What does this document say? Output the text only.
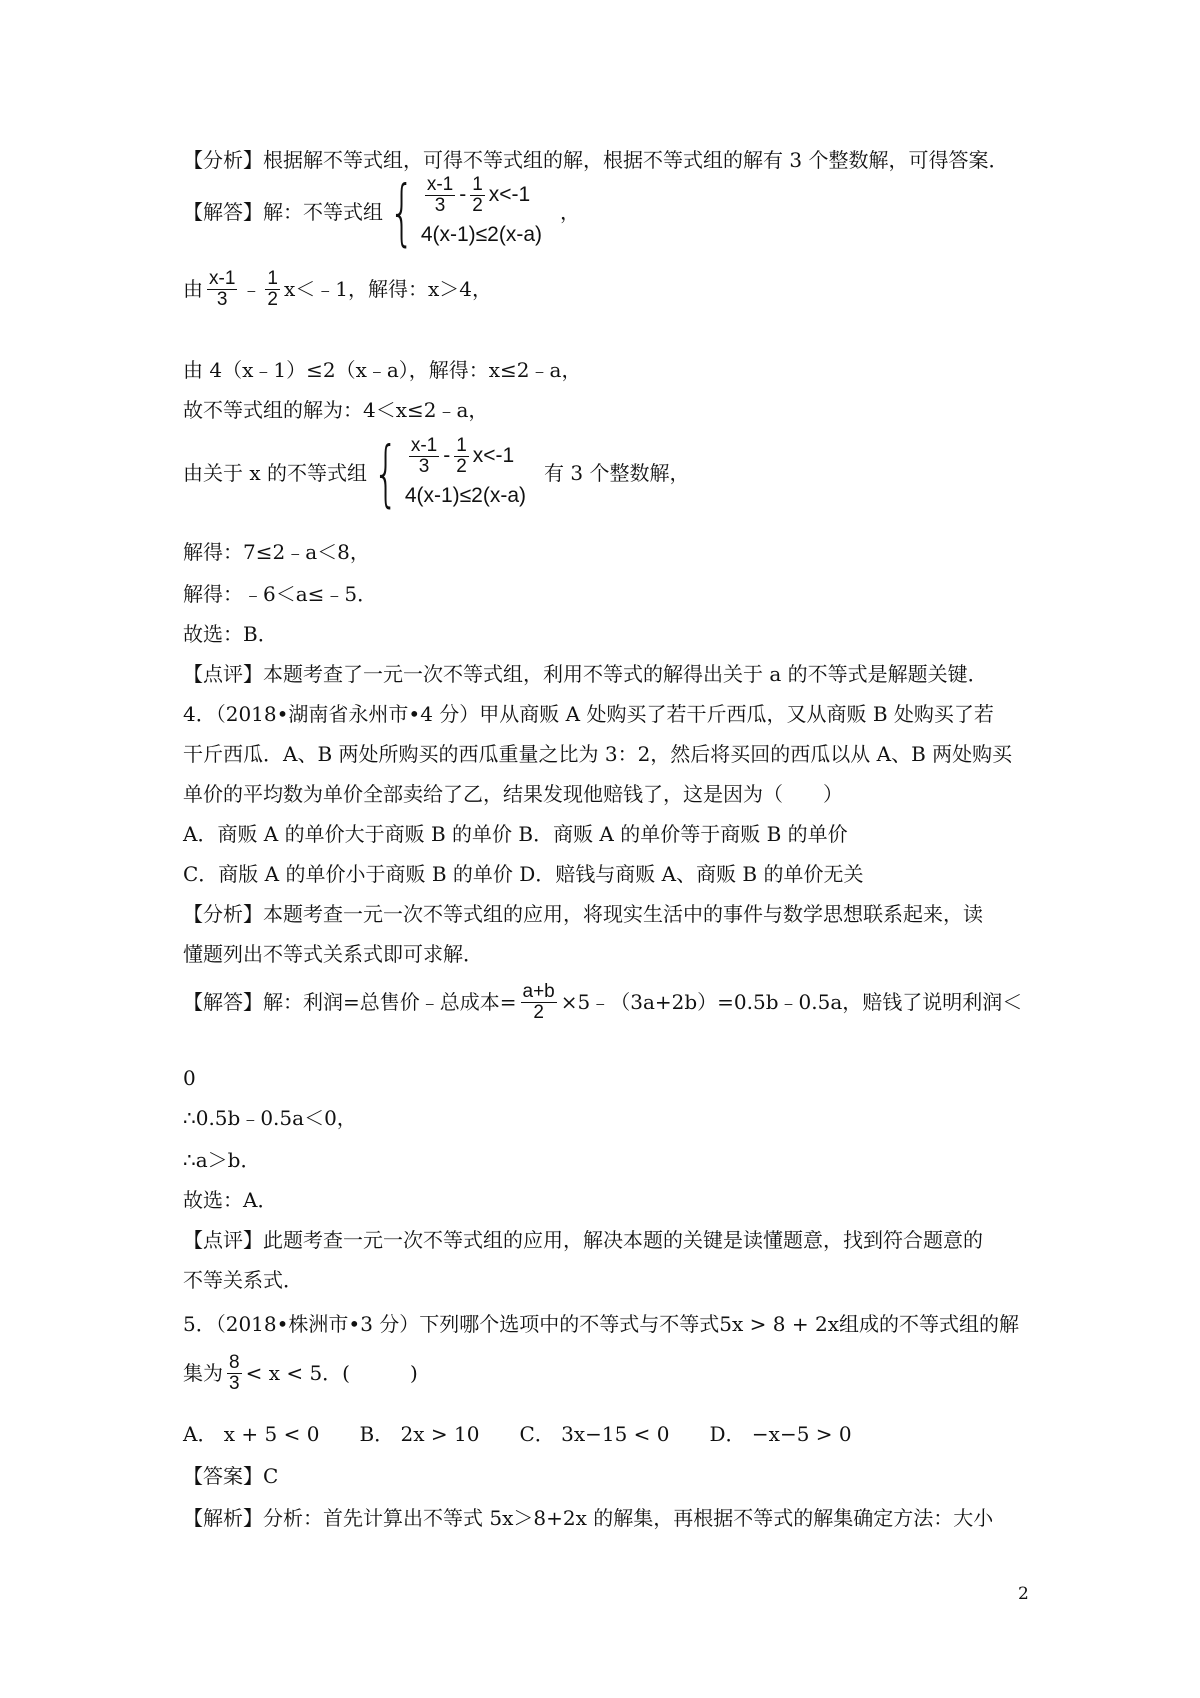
【分析】根据解不等式组，可得不等式组的解，根据不等式组的解有 3 个整数解，可得答案．
【解答】解：不等式组 { $\frac{x-1}{3} - \frac{1}{2} x<-1$
4(x-1)≤2(x-a)
，
由 $\frac{x-1}{3}$ ﹣ $\frac{1}{2}$ x＜﹣1，解得：x＞4，
由 4（x﹣1）≤2（x﹣a），解得：x≤2﹣a，
故不等式组的解为：4＜x≤2﹣a，
由关于 x 的不等式组 { $\frac{x-1}{3} - \frac{1}{2} x<-1$
4(x-1)≤2(x-a)
有 3 个整数解，
解得：7≤2﹣a＜8，
解得：﹣6＜a≤﹣5．
故选：B．
【点评】本题考查了一元一次不等式组，利用不等式的解得出关于 a 的不等式是解题关键．
4．（2018•湖南省永州市•4 分）甲从商贩 A 处购买了若干斤西瓜，又从商贩 B 处购买了若
干斤西瓜．A、B 两处所购买的西瓜重量之比为 3：2，然后将买回的西瓜以从 A、B 两处购买
单价的平均数为单价全部卖给了乙，结果发现他赔钱了，这是因为（　　）
A．商贩 A 的单价大于商贩 B 的单价 B．商贩 A 的单价等于商贩 B 的单价
C．商版 A 的单价小于商贩 B 的单价 D．赔钱与商贩 A、商贩 B 的单价无关
【分析】本题考查一元一次不等式组的应用，将现实生活中的事件与数学思想联系起来，读
懂题列出不等式关系式即可求解．
【解答】解：利润=总售价﹣总成本= $\frac{a+b}{2}$ ×5﹣（3a+2b）=0.5b﹣0.5a，赔钱了说明利润＜
0
∴0.5b﹣0.5a＜0，
∴a＞b．
故选：A．
【点评】此题考查一元一次不等式组的应用，解决本题的关键是读懂题意，找到符合题意的
不等关系式．
5．（2018•株洲市•3 分）下列哪个选项中的不等式与不等式5x > 8 + 2x组成的不等式组的解
集为 $\frac{8}{3} < x < 5$．(　　　)
A． x + 5 < 0　　B． 2x > 10　　C． 3x−15 < 0　　D． −x−5 > 0
【答案】C
【解析】分析：首先计算出不等式 5x＞8+2x 的解集，再根据不等式的解集确定方法：大小
2
